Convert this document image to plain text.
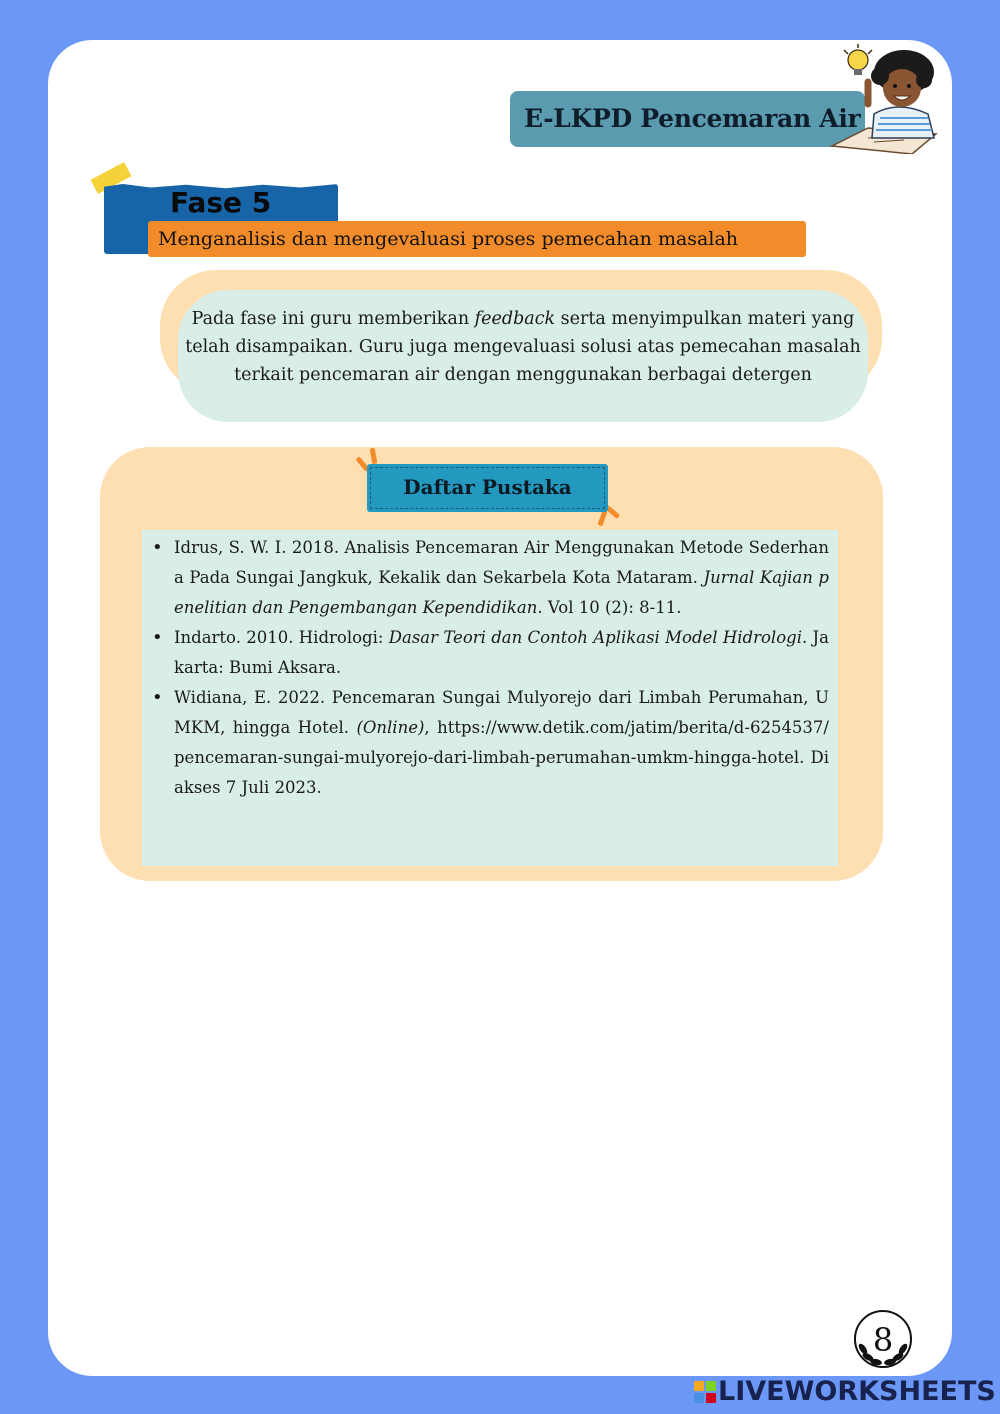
E-LKPD Pencemaran Air
Fase 5
Menganalisis dan mengevaluasi proses pemecahan masalah
Pada fase ini guru memberikan feedback serta menyimpulkan materi yang telah disampaikan. Guru juga mengevaluasi solusi atas pemecahan masalah terkait pencemaran air dengan menggunakan berbagai detergen
Daftar Pustaka
• Idrus, S. W. I. 2018. Analisis Pencemaran Air Menggunakan Metode Sederhana Pada Sungai Jangkuk, Kekalik dan Sekarbela Kota Mataram. Jurnal Kajian penelitian dan Pengembangan Kependidikan. Vol 10 (2): 8-11.
• Indarto. 2010. Hidrologi: Dasar Teori dan Contoh Aplikasi Model Hidrologi. Jakarta: Bumi Aksara.
• Widiana, E. 2022. Pencemaran Sungai Mulyorejo dari Limbah Perumahan, UMKM, hingga Hotel. (Online), https://www.detik.com/jatim/berita/d-6254537/pencemaran-sungai-mulyorejo-dari-limbah-perumahan-umkm-hingga-hotel. Di akses 7 Juli 2023.
8
LIVEWORKSHEETS
